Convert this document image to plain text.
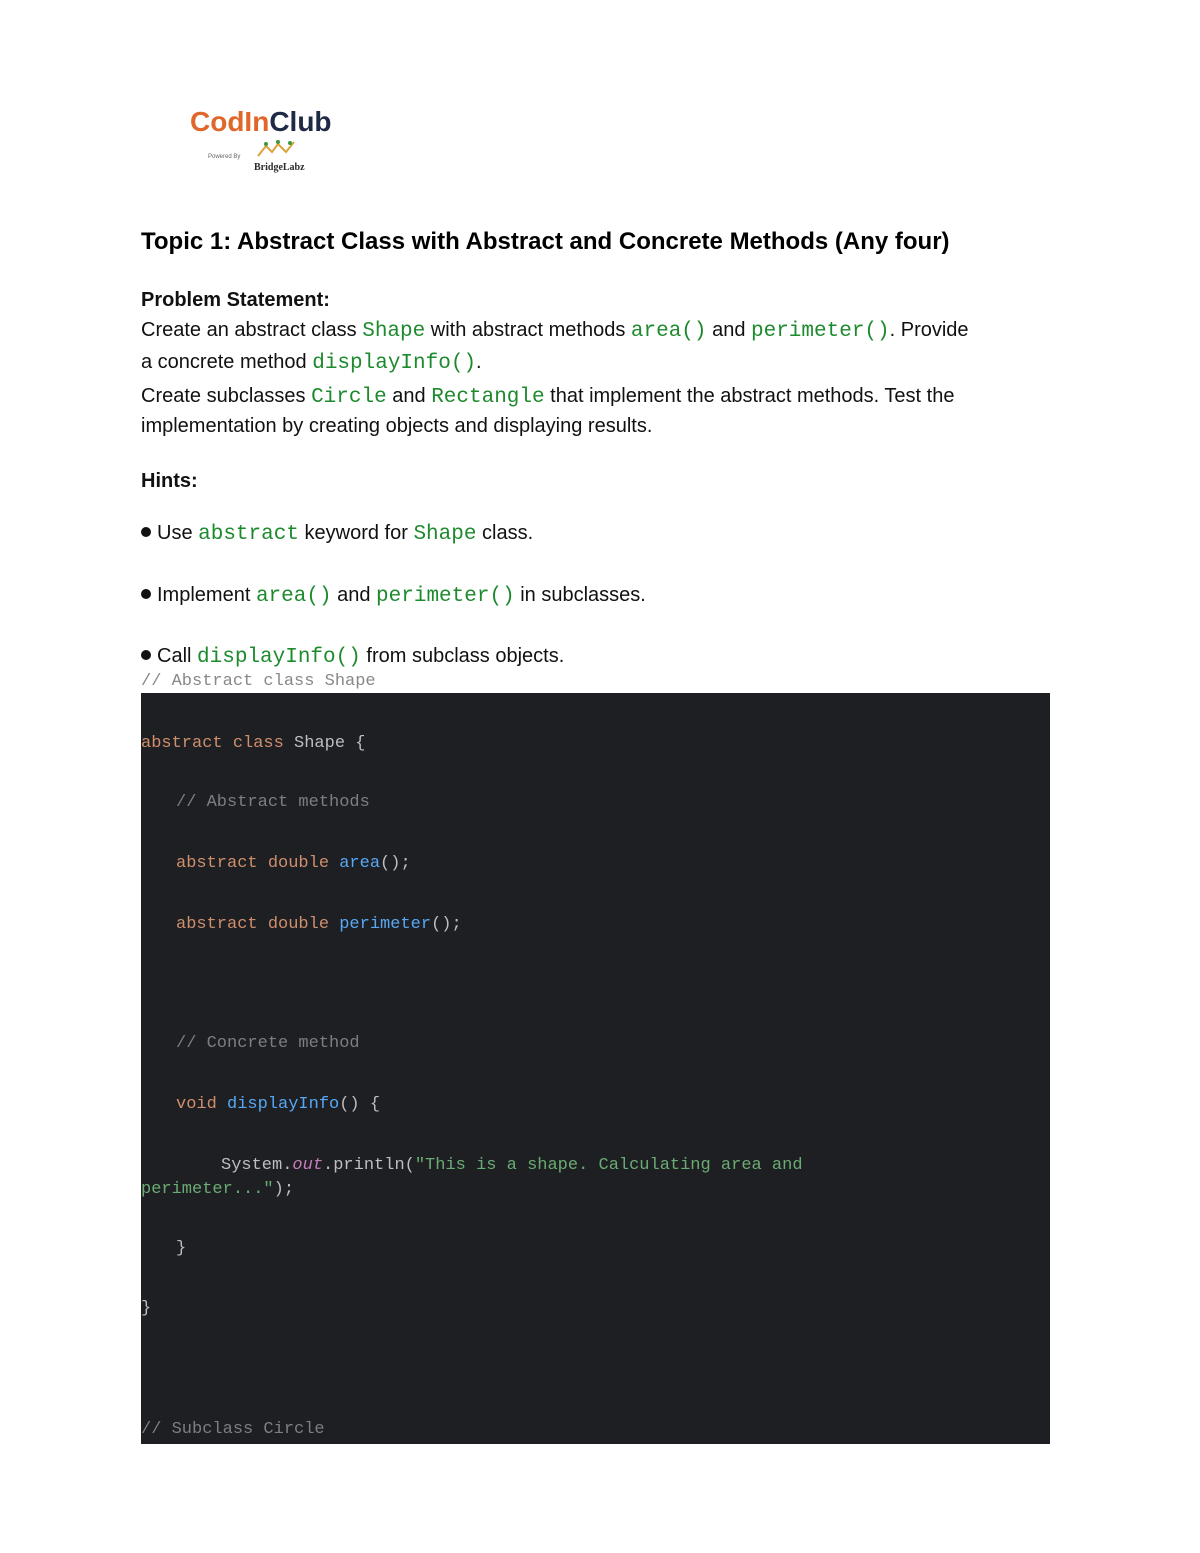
CodInClub
Powered By
BridgeLabz
Topic 1: Abstract Class with Abstract and Concrete Methods (Any four)
Problem Statement:
Create an abstract class Shape with abstract methods area() and perimeter(). Provide
a concrete method displayInfo().
Create subclasses Circle and Rectangle that implement the abstract methods. Test the
implementation by creating objects and displaying results.
Hints:
Use abstract keyword for Shape class.
Implement area() and perimeter() in subclasses.
Call displayInfo() from subclass objects.
// Abstract class Shape
abstract class Shape {
// Abstract methods
abstract double area();
abstract double perimeter();
// Concrete method
void displayInfo() {
System.out.println("This is a shape. Calculating area and
perimeter...");
}
}
// Subclass Circle
